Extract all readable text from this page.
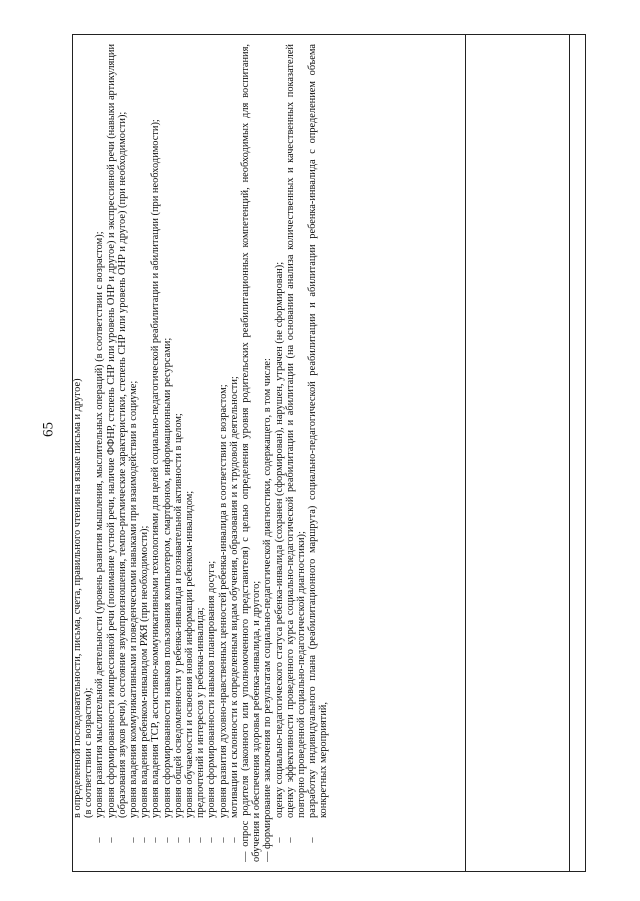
65 в определенной последовательности, письма, счета, правильного чтения на языке письма и другое) (в соответствии с возрастом);
–
уровня развития мыслительной деятельности (уровень развития мышления, мыслительных операций) (в соответствии с возрастом);
–
уровня сформированности импрессивной речи (понимание устной речи, наличие ФФНР, степень СНР или уровень ОНР и другое) и экспрессивной речи (навыки артикуляции (образования звуков речи), состояние звукопроизношения, темпо-ритмические характеристики, степень СНР или уровень ОНР и другое) (при необходимости);
–
уровня владения коммуникативными и поведенческими навыками при взаимодействии в социуме;
–
уровня владения ребенком-инвалидом РЖЯ (при необходимости);
–
уровня владения ТСР, ассистивно-коммуникативными технологиями для целей социально-педагогической реабилитации и абилитации (при необходимости);
–
уровня сформированности навыков пользования компьютером, смартфоном, информационными ресурсами;
–
уровня общей осведомленности у ребенка-инвалида и познавательной активности в целом;
–
уровня обучаемости и освоения новой информации ребенком-инвалидом;
–
предпочтений и интересов у ребенка-инвалида;
–
уровня сформированности навыков планирования досуга;
–
уровня развития духовно-нравственных ценностей ребенка-инвалида в соответствии с возрастом;
–
мотивации и склонности к определенным видам обучения, образования и к трудовой деятельности; — опрос родителя (законного или уполномоченного представителя) с целью определения уровня родительских реабилитационных компетенций, необходимых для воспитания, обучения и обеспечения здоровья ребенка-инвалида, и другого; — формирование заключения по результатам социально-педагогической диагностики, содержащего, в том числе: –
оценку социально-педагогического статуса ребенка-инвалида (сохранен (сформирован), нарушен, утрачен (не сформирован);
–
оценку эффективности проведенного курса социально-педагогической реабилитации и абилитации (на основании анализа количественных и качественных показателей повторно проведенной социально-педагогической диагностики);
–
разработку индивидуального плана (реабилитационного маршрута) социально-педагогической реабилитации и абилитации ребенка-инвалида с определением объема конкретных мероприятий,
